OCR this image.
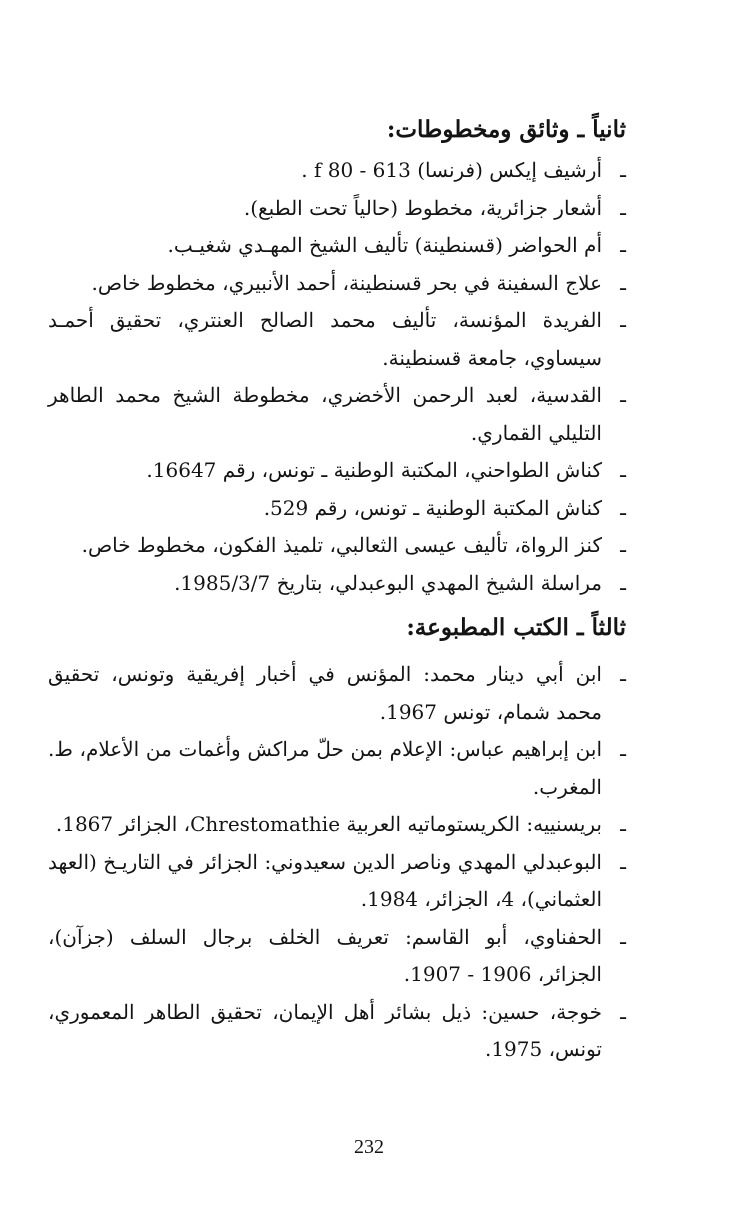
ثانياً ـ وثائق ومخطوطات:
ـ
أرشيف إيكس (فرنسا) 613 - f 80 .
ـ
أشعار جزائرية، مخطوط (حالياً تحت الطبع).
ـ
أم الحواضر (قسنطينة) تأليف الشيخ المهـدي شغيـب.
ـ
علاج السفينة في بحر قسنطينة، أحمد الأنبيري، مخطوط خاص.
ـ
الفريدة المؤنسة، تأليف محمد الصالح العنتري، تحقيق أحمـد سيساوي، جامعة قسنطينة.
ـ
القدسية، لعبد الرحمن الأخضري، مخطوطة الشيخ محمد الطاهر التليلي القماري.
ـ
كناش الطواحني، المكتبة الوطنية ـ تونس، رقم 16647.
ـ
كناش المكتبة الوطنية ـ تونس، رقم 529.
ـ
كنز الرواة، تأليف عيسى الثعالبي، تلميذ الفكون، مخطوط خاص.
ـ
مراسلة الشيخ المهدي البوعبدلي، بتاريخ 1985/3/7.
ثالثاً ـ الكتب المطبوعة:
ـ
ابن أبي دينار محمد: المؤنس في أخبار إفريقية وتونس، تحقيق محمد شمام، تونس 1967.
ـ
ابن إبراهيم عباس: الإعلام بمن حلّ مراكش وأغمات من الأعلام، ط. المغرب.
ـ
بريسنييه: الكريستوماتيه العربية Chrestomathie، الجزائر 1867.
ـ
البوعبدلي المهدي وناصر الدين سعيدوني: الجزائر في التاريـخ (العهد العثماني)، 4، الجزائر، 1984.
ـ
الحفناوي، أبو القاسم: تعريف الخلف برجال السلف (جزآن)، الجزائر، 1906 - 1907.
ـ
خوجة، حسين: ذيل بشائر أهل الإيمان، تحقيق الطاهر المعموري، تونس، 1975.
232
